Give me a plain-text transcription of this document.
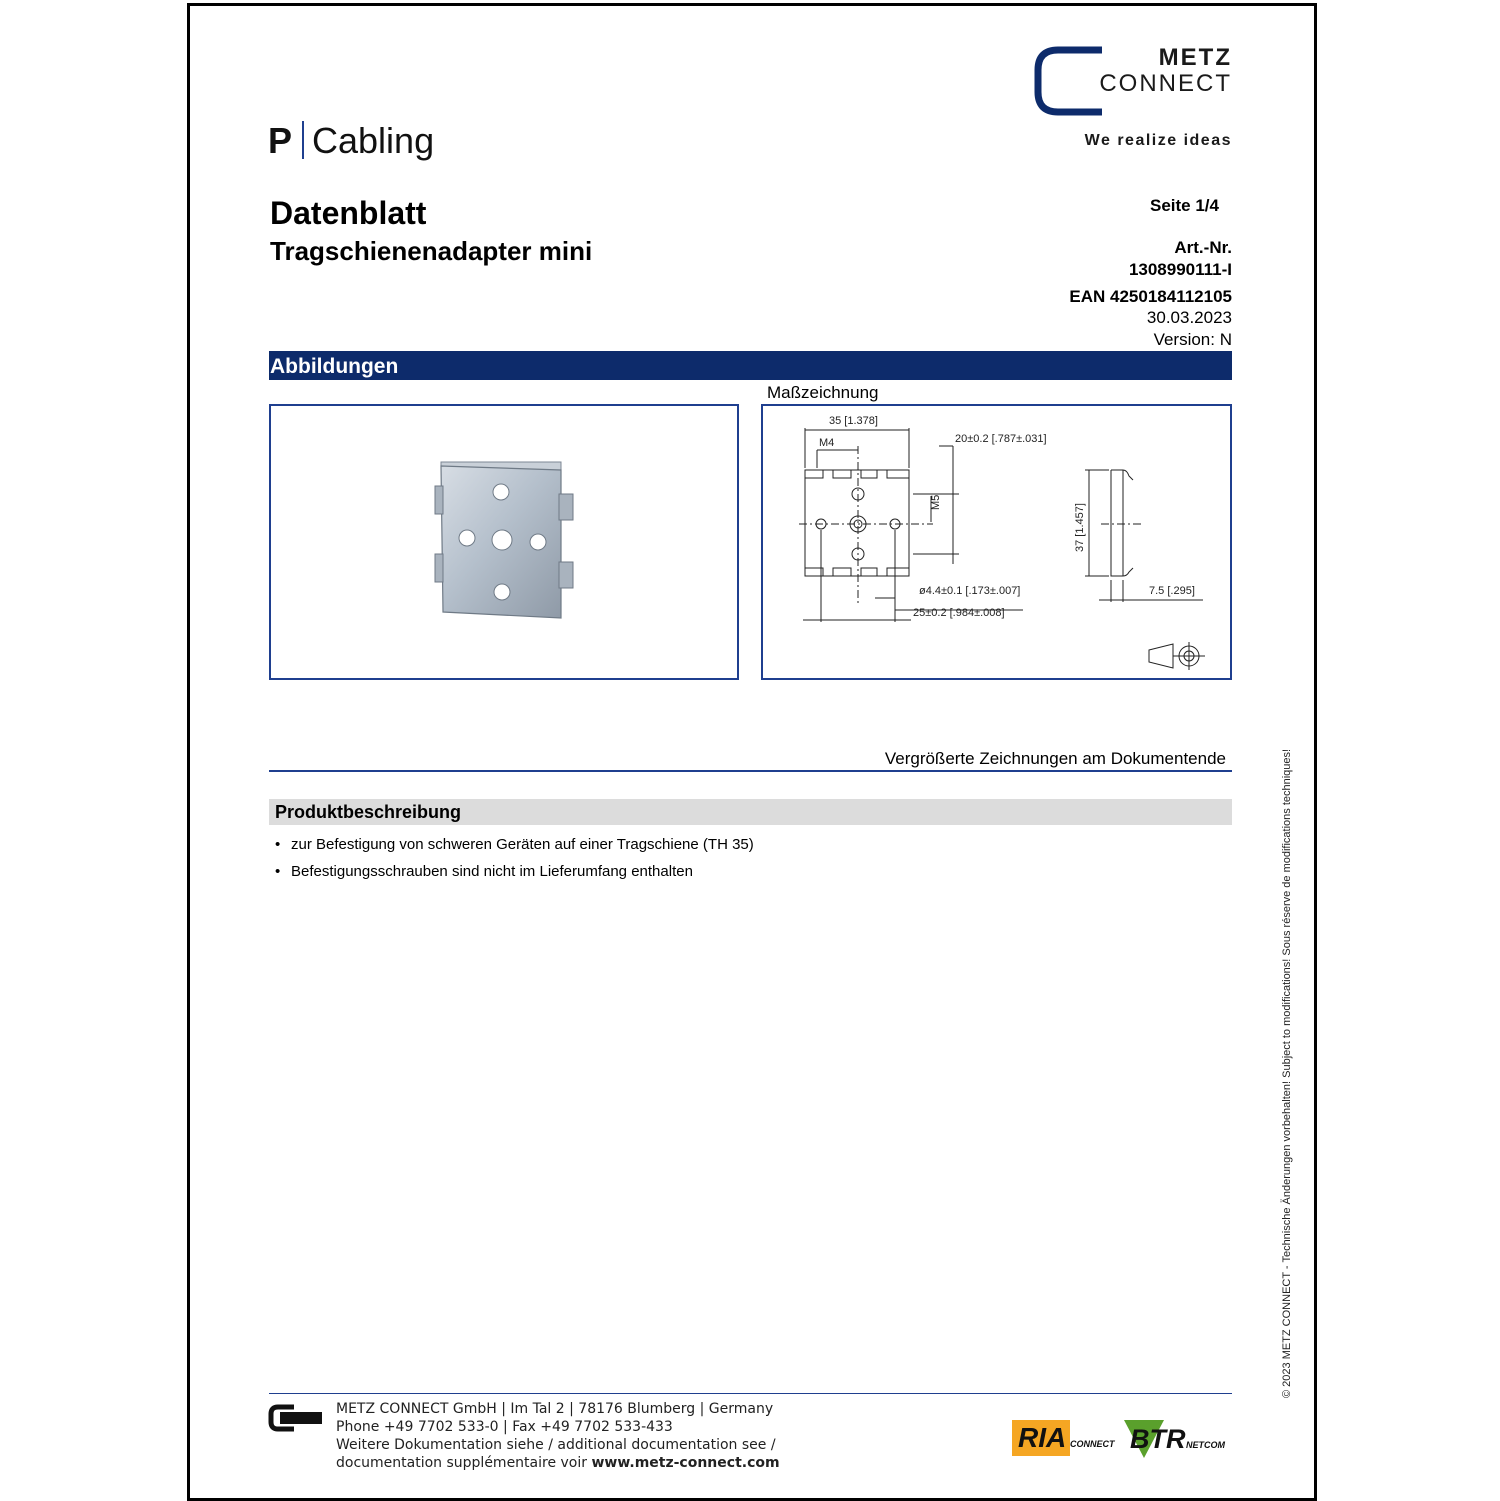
METZ
CONNECT
We realize ideas
P Cabling
Datenblatt
Tragschienenadapter mini
Seite 1/4
Art.-Nr.
1308990111-I
EAN 4250184112105
30.03.2023
Version: N
Abbildungen
Maßzeichnung
35 [1.378]
M4
M5
20±0.2 [.787±.031]
ø4.4±0.1 [.173±.007]
25±0.2 [.984±.008]
37 [1.457]
7.5 [.295]
Vergrößerte Zeichnungen am Dokumentende
Produktbeschreibung
• zur Befestigung von schweren Geräten auf einer Tragschiene (TH 35)
• Befestigungsschrauben sind nicht im Lieferumfang enthalten	© 2023 METZ CONNECT - Technische Änderungen vorbehalten! Subject to modifications! Sous réserve de modifications techniques!
METZ CONNECT GmbH | Im Tal 2 | 78176 Blumberg | Germany
Phone +49 7702 533-0 | Fax +49 7702 533-433
Weitere Dokumentation siehe / additional documentation see /
documentation supplémentaire voir www.metz-connect.com
RIA CONNECT BTR NETCOM
